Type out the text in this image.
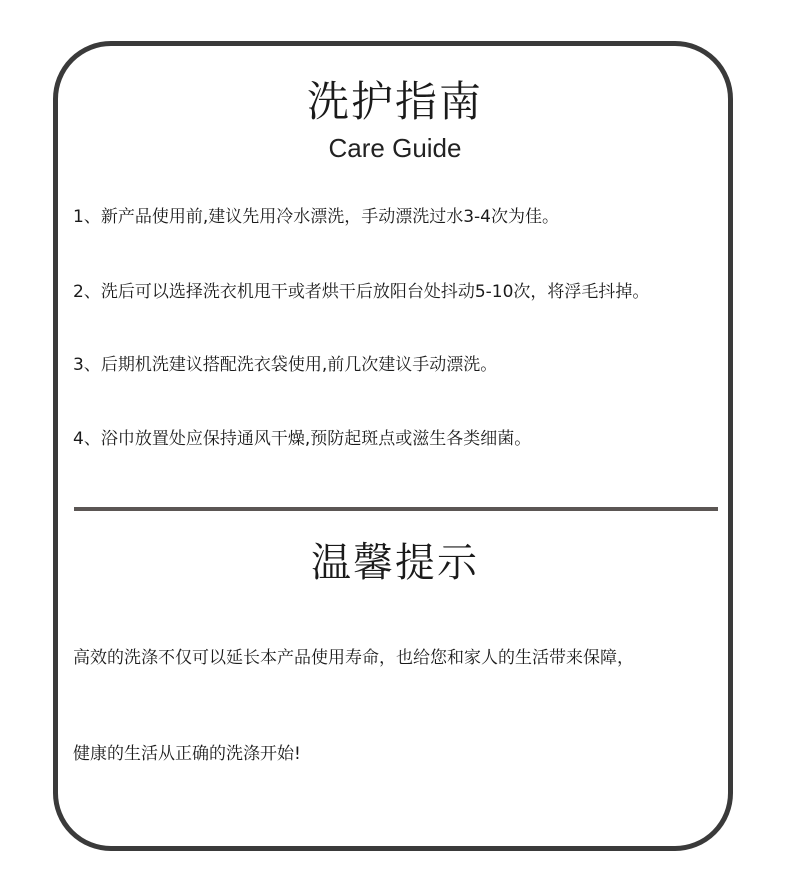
洗护指南
Care Guide
1、新产品使用前,建议先用冷水漂洗，手动漂洗过水3-4次为佳。
2、洗后可以选择洗衣机甩干或者烘干后放阳台处抖动5-10次，将浮毛抖掉。
3、后期机洗建议搭配洗衣袋使用,前几次建议手动漂洗。
4、浴巾放置处应保持通风干燥,预防起斑点或滋生各类细菌。
温馨提示
高效的洗涤不仅可以延长本产品使用寿命，也给您和家人的生活带来保障，
健康的生活从正确的洗涤开始!
